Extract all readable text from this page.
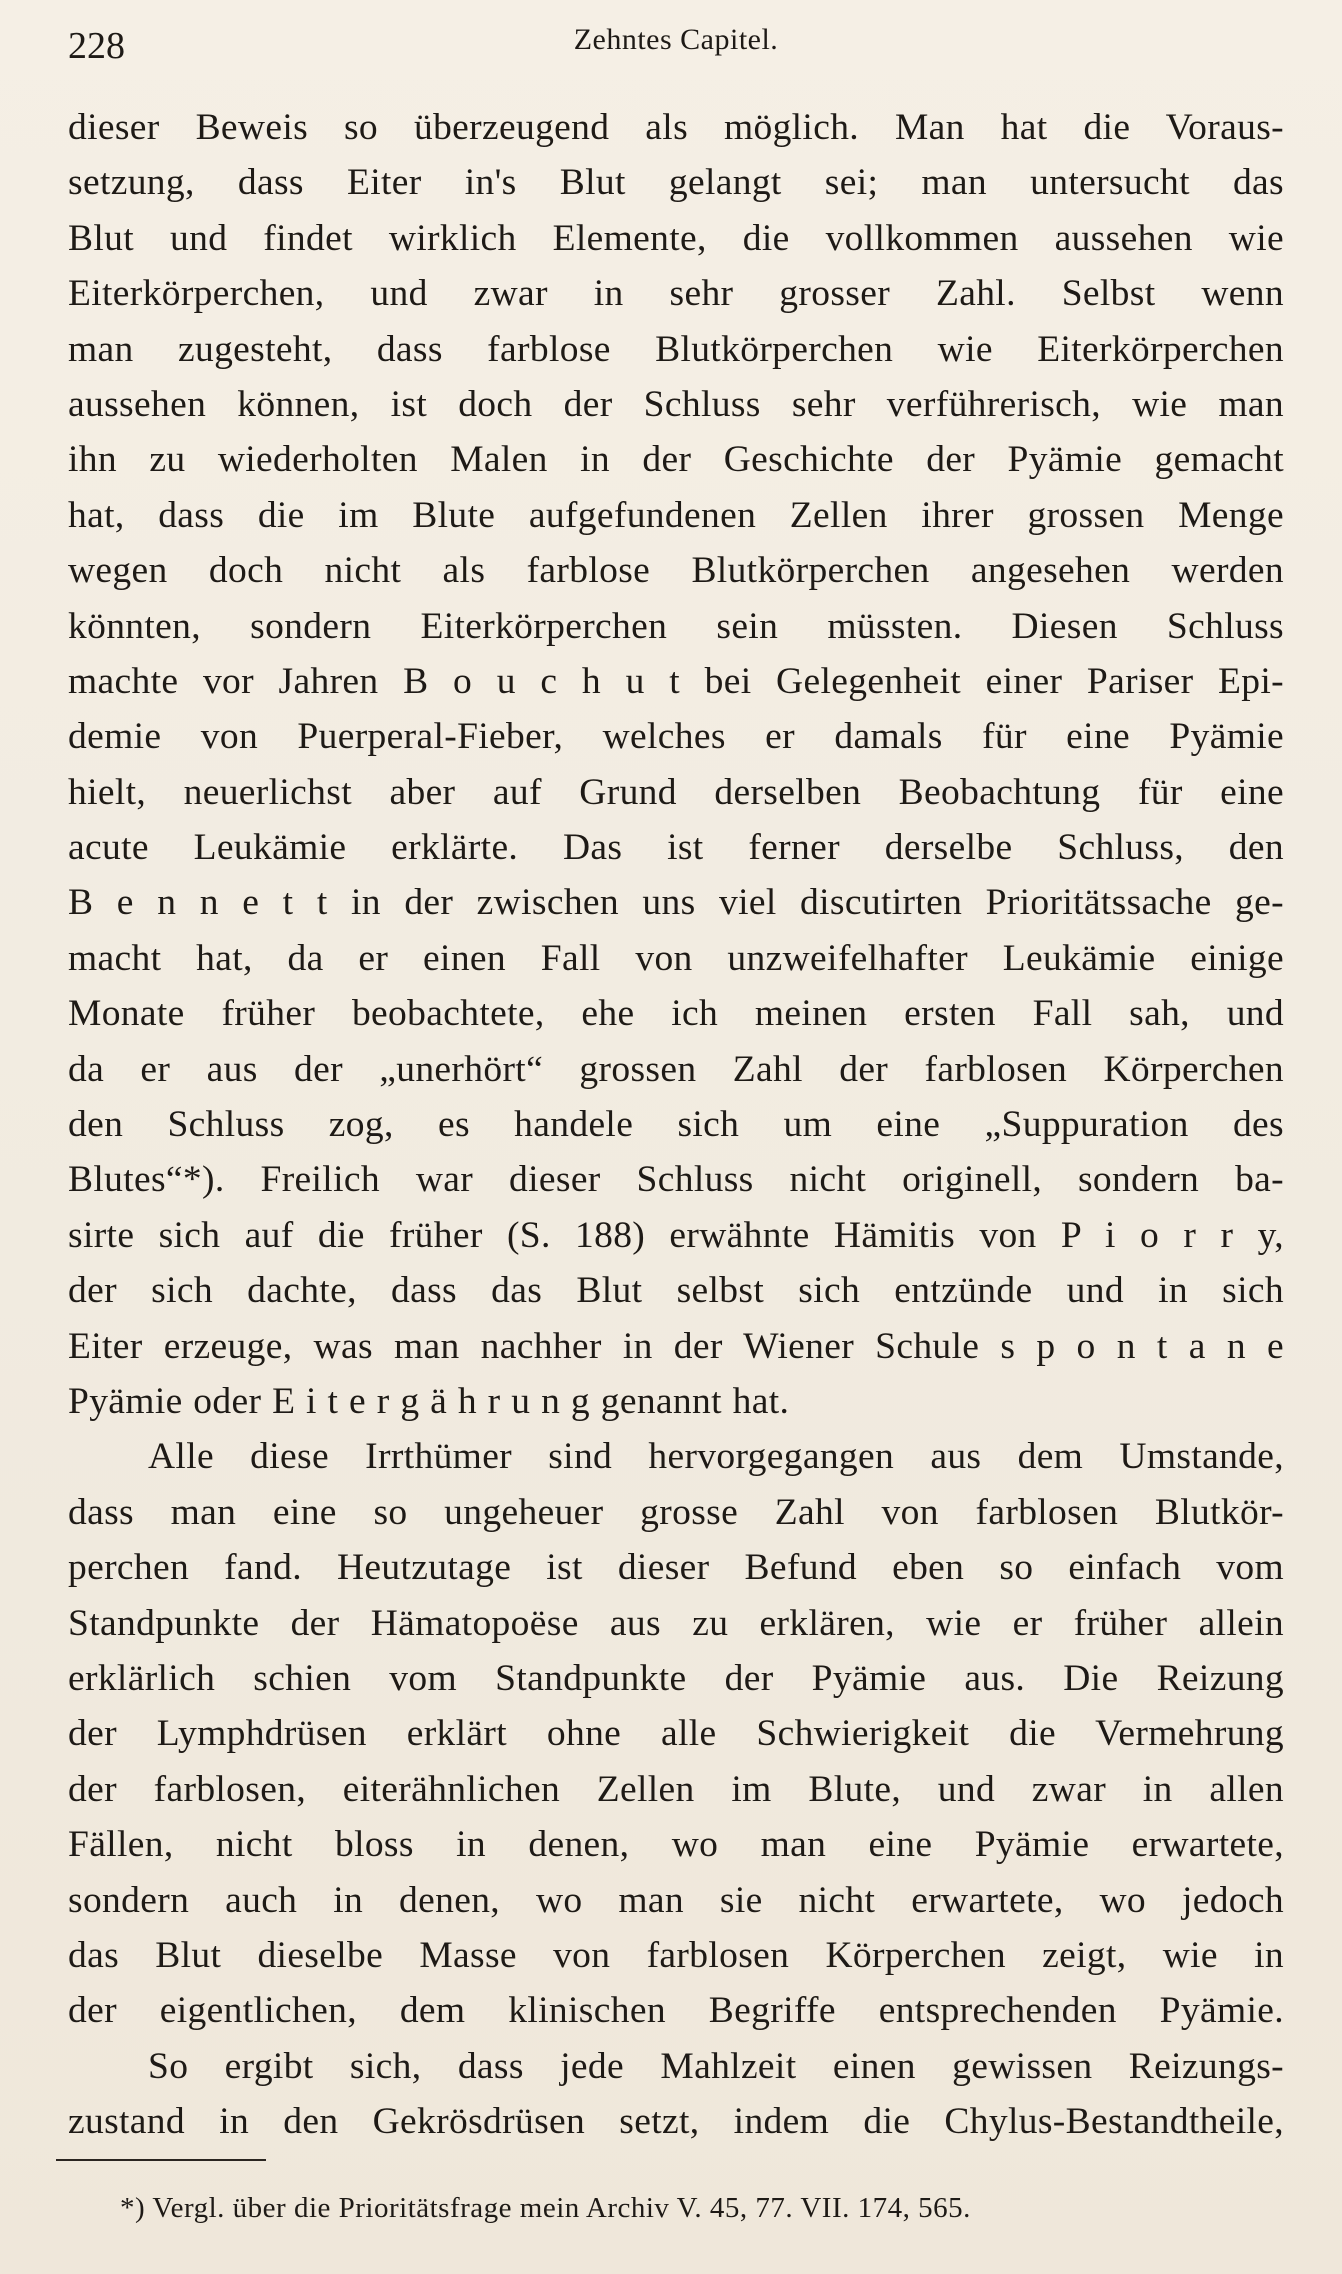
228	Zehntes Capitel.
dieser Beweis so überzeugend als möglich. Man hat die Voraus-
setzung, dass Eiter in's Blut gelangt sei; man untersucht das
Blut und findet wirklich Elemente, die vollkommen aussehen wie
Eiterkörperchen, und zwar in sehr grosser Zahl. Selbst wenn
man zugesteht, dass farblose Blutkörperchen wie Eiterkörperchen
aussehen können, ist doch der Schluss sehr verführerisch, wie man
ihn zu wiederholten Malen in der Geschichte der Pyämie gemacht
hat, dass die im Blute aufgefundenen Zellen ihrer grossen Menge
wegen doch nicht als farblose Blutkörperchen angesehen werden
könnten, sondern Eiterkörperchen sein müssten. Diesen Schluss
machte vor Jahren B o u c h u t bei Gelegenheit einer Pariser Epi-
demie von Puerperal-Fieber, welches er damals für eine Pyämie
hielt, neuerlichst aber auf Grund derselben Beobachtung für eine
acute Leukämie erklärte. Das ist ferner derselbe Schluss, den
B e n n e t t in der zwischen uns viel discutirten Prioritätssache ge-
macht hat, da er einen Fall von unzweifelhafter Leukämie einige
Monate früher beobachtete, ehe ich meinen ersten Fall sah, und
da er aus der „unerhört“ grossen Zahl der farblosen Körperchen
den Schluss zog, es handele sich um eine „Suppuration des
Blutes“*). Freilich war dieser Schluss nicht originell, sondern ba-
sirte sich auf die früher (S. 188) erwähnte Hämitis von P i o r r y,
der sich dachte, dass das Blut selbst sich entzünde und in sich
Eiter erzeuge, was man nachher in der Wiener Schule s p o n t a n e
Pyämie oder E i t e r g ä h r u n g genannt hat.
Alle diese Irrthümer sind hervorgegangen aus dem Umstande,
dass man eine so ungeheuer grosse Zahl von farblosen Blutkör-
perchen fand. Heutzutage ist dieser Befund eben so einfach vom
Standpunkte der Hämatopoëse aus zu erklären, wie er früher allein
erklärlich schien vom Standpunkte der Pyämie aus. Die Reizung
der Lymphdrüsen erklärt ohne alle Schwierigkeit die Vermehrung
der farblosen, eiterähnlichen Zellen im Blute, und zwar in allen
Fällen, nicht bloss in denen, wo man eine Pyämie erwartete,
sondern auch in denen, wo man sie nicht erwartete, wo jedoch
das Blut dieselbe Masse von farblosen Körperchen zeigt, wie in
der eigentlichen, dem klinischen Begriffe entsprechenden Pyämie.
So ergibt sich, dass jede Mahlzeit einen gewissen Reizungs-
zustand in den Gekrösdrüsen setzt, indem die Chylus-Bestandtheile,
*) Vergl. über die Prioritätsfrage mein Archiv V. 45, 77. VII. 174, 565.
